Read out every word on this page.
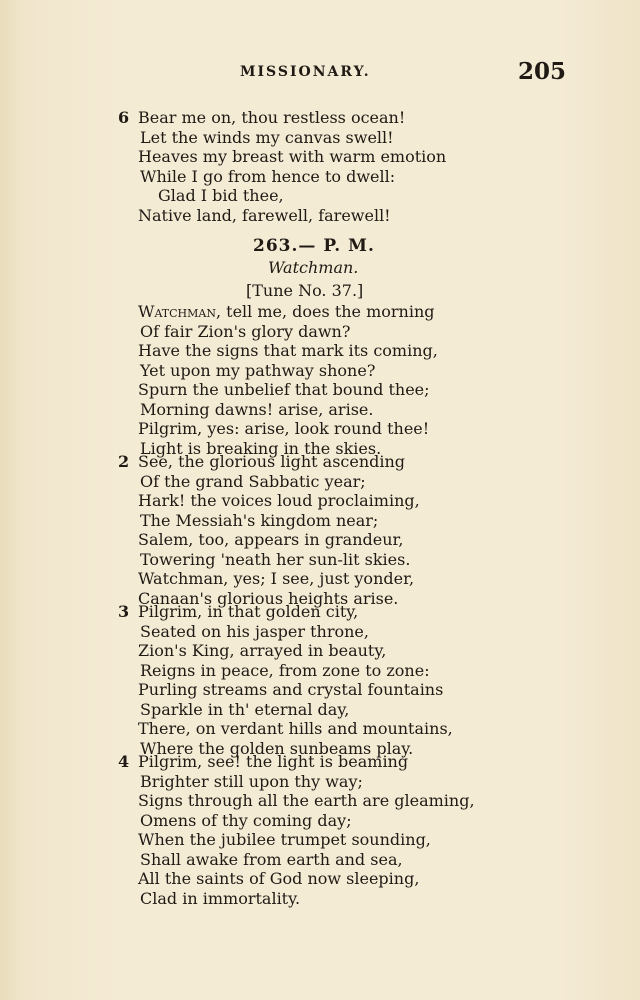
MISSIONARY.	205
6 Bear me on, thou restless ocean!
Let the winds my canvas swell!
Heaves my breast with warm emotion
While I go from hence to dwell:
Glad I bid thee,
Native land, farewell, farewell!
263.— P. M.
Watchman.
[Tune No. 37.]
Watchman, tell me, does the morning
Of fair Zion's glory dawn?
Have the signs that mark its coming,
Yet upon my pathway shone?
Spurn the unbelief that bound thee;
Morning dawns! arise, arise.
Pilgrim, yes: arise, look round thee!
Light is breaking in the skies.
2 See, the glorious light ascending
Of the grand Sabbatic year;
Hark! the voices loud proclaiming,
The Messiah's kingdom near;
Salem, too, appears in grandeur,
Towering 'neath her sun-lit skies.
Watchman, yes; I see, just yonder,
Canaan's glorious heights arise.
3 Pilgrim, in that golden city,
Seated on his jasper throne,
Zion's King, arrayed in beauty,
Reigns in peace, from zone to zone:
Purling streams and crystal fountains
Sparkle in th' eternal day,
There, on verdant hills and mountains,
Where the golden sunbeams play.
4 Pilgrim, see! the light is beaming
Brighter still upon thy way;
Signs through all the earth are gleaming,
Omens of thy coming day;
When the jubilee trumpet sounding,
Shall awake from earth and sea,
All the saints of God now sleeping,
Clad in immortality.
